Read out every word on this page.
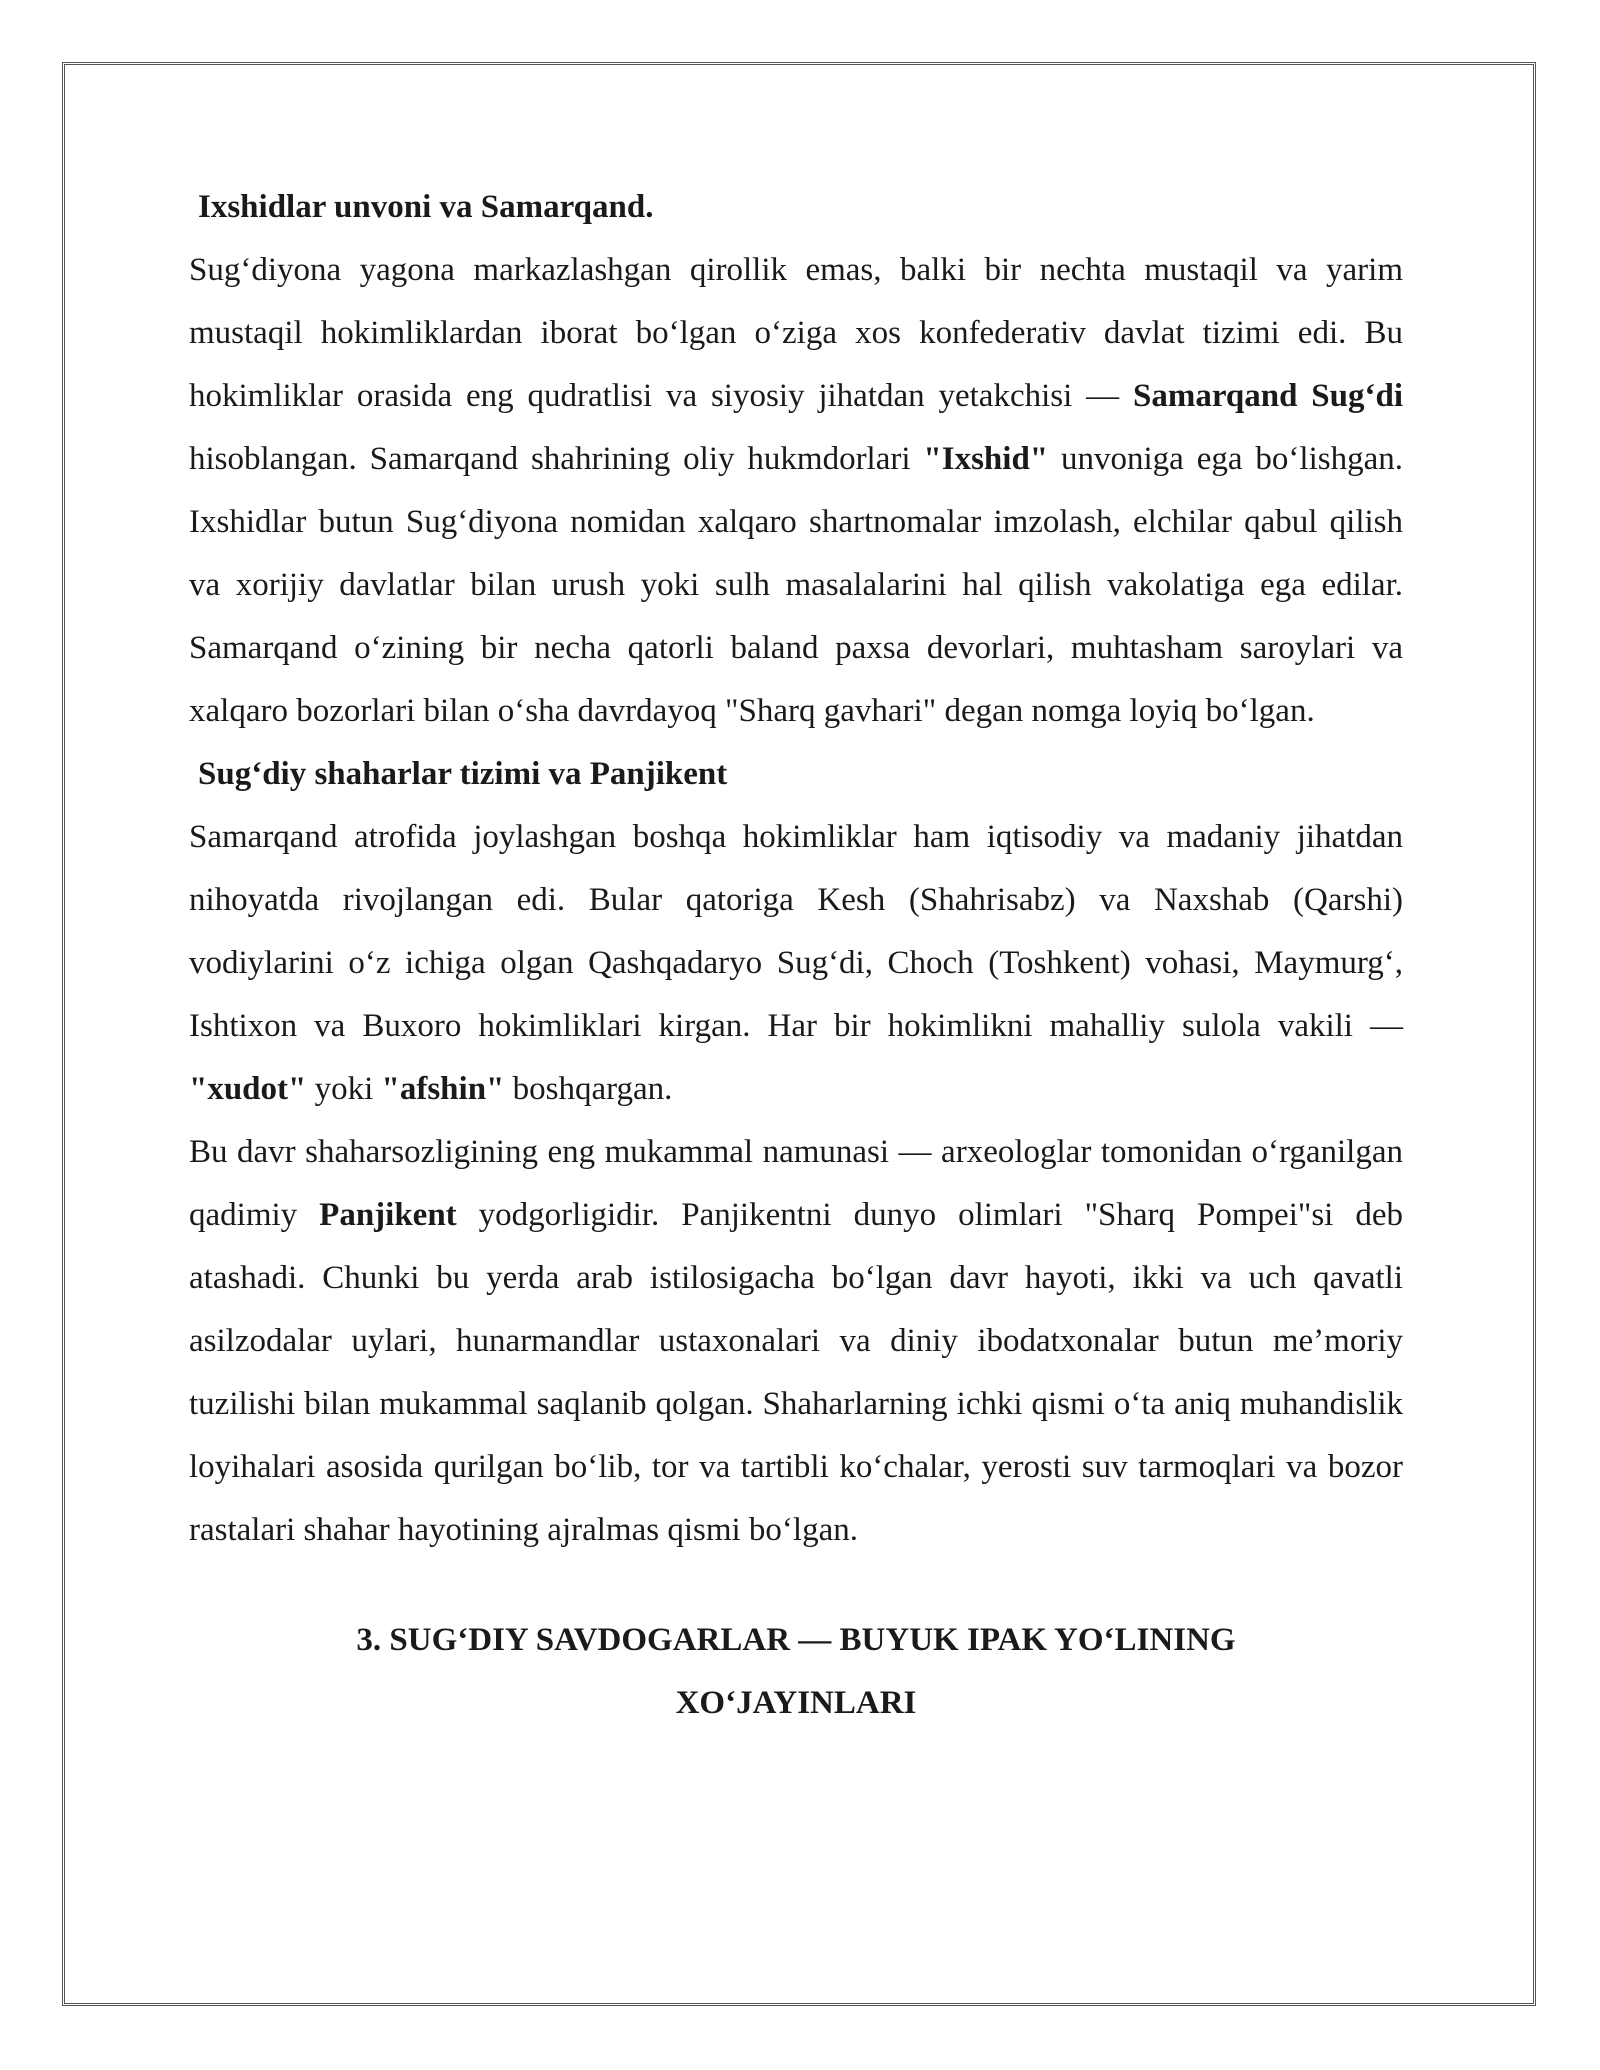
Ixshidlar unvoni va Samarqand.

Sug‘diyona yagona markazlashgan qirollik emas, balki bir nechta mustaqil va yarim mustaqil hokimliklardan iborat bo‘lgan o‘ziga xos konfederativ davlat tizimi edi. Bu hokimliklar orasida eng qudratlisi va siyosiy jihatdan yetakchisi — Samarqand Sug‘di hisoblangan. Samarqand shahrining oliy hukmdorlari "Ixshid" unvoniga ega bo‘lishgan. Ixshidlar butun Sug‘diyona nomidan xalqaro shartnomalar imzolash, elchilar qabul qilish va xorijiy davlatlar bilan urush yoki sulh masalalarini hal qilish vakolatiga ega edilar. Samarqand o‘zining bir necha qatorli baland paxsa devorlari, muhtasham saroylari va xalqaro bozorlari bilan o‘sha davrdayoq "Sharq gavhari" degan nomga loyiq bo‘lgan.

Sug‘diy shaharlar tizimi va Panjikent

Samarqand atrofida joylashgan boshqa hokimliklar ham iqtisodiy va madaniy jihatdan nihoyatda rivojlangan edi. Bular qatoriga Kesh (Shahrisabz) va Naxshab (Qarshi) vodiylarini o‘z ichiga olgan Qashqadaryo Sug‘di, Choch (Toshkent) vohasi, Maymurg‘, Ishtixon va Buxoro hokimliklari kirgan. Har bir hokimlikni mahalliy sulola vakili — "xudot" yoki "afshin" boshqargan.

Bu davr shaharsozligining eng mukammal namunasi — arxeologlar tomonidan o‘rganilgan qadimiy Panjikent yodgorligidir. Panjikentni dunyo olimlari "Sharq Pompei"si deb atashadi. Chunki bu yerda arab istilosigacha bo‘lgan davr hayoti, ikki va uch qavatli asilzodalar uylari, hunarmandlar ustaxonalari va diniy ibodatxonalar butun me’moriy tuzilishi bilan mukammal saqlanib qolgan. Shaharlarning ichki qismi o‘ta aniq muhandislik loyihalari asosida qurilgan bo‘lib, tor va tartibli ko‘chalar, yerosti suv tarmoqlari va bozor rastalari shahar hayotining ajralmas qismi bo‘lgan.

3. SUG‘DIY SAVDOGARLAR — BUYUK IPAK YO‘LINING
XO‘JAYINLARI
